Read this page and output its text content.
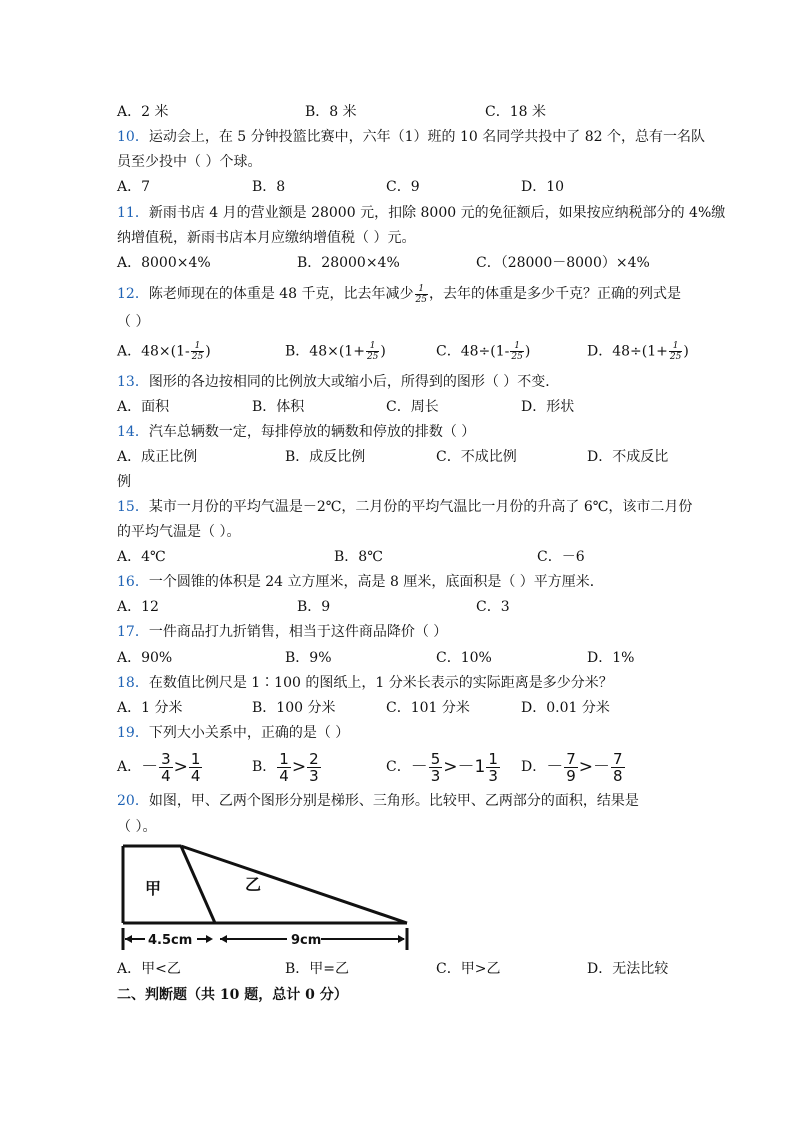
A．2 米	B．8 米	C．18 米
10．运动会上，在 5 分钟投篮比赛中，六年（1）班的 10 名同学共投中了 82 个，总有一名队
员至少投中（ ）个球。
A．7	B．8	C．9	D．10
11．新雨书店 4 月的营业额是 28000 元，扣除 8000 元的免征额后，如果按应纳税部分的 4%缴
纳增值税，新雨书店本月应缴纳增值税（ ）元。
A．8000×4%	B．28000×4%	C．（28000－8000）×4%
12．陈老师现在的体重是 48 千克，比去年减少 $\frac{1}{25}$ ，去年的体重是多少千克？正确的列式是
（ ）
A．$48\times(1- \frac{1}{25}$ )	B．$48\times(1+ \frac{1}{25}$ )	C．$48\div(1- \frac{1}{25}$ )	D．$48\div(1+ \frac{1}{25}$ )
13．图形的各边按相同的比例放大或缩小后，所得到的图形（ ）不变．
A．面积	B．体积	C．周长	D．形状
14．汽车总辆数一定，每排停放的辆数和停放的排数（ ）
A．成正比例	B．成反比例	C．不成比例	D．不成反比
例
15．某市一月份的平均气温是－2℃，二月份的平均气温比一月份的升高了 6℃，该市二月份
的平均气温是（ ）。
A．4℃	B．8℃	C．－6
16．一个圆锥的体积是 24 立方厘米，高是 8 厘米，底面积是（ ）平方厘米．
A．12	B．9	C．3
17．一件商品打九折销售，相当于这件商品降价（ ）
A．90%	B．9%	C．10%	D．1%
18．在数值比例尺是 1∶100 的图纸上，1 分米长表示的实际距离是多少分米？
A．1 分米	B．100 分米	C．101 分米	D．0.01 分米
19．下列大小关系中，正确的是（ ）
A．－ $\frac{3}{4} > \frac{1}{4}$	B． $\frac{1}{4} > \frac{2}{3}$	C．－ $\frac{5}{3} >-1 \frac{1}{3}$ D．－ $\frac{7}{9} >- \frac{7}{8}$
20．如图，甲、乙两个图形分别是梯形、三角形。比较甲、乙两部分的面积，结果是
（ ）。
甲	乙
4.5cm	9cm
A．甲<乙	B．甲=乙	C．甲>乙	D．无法比较
二、判断题（共 10 题，总计 0 分）
